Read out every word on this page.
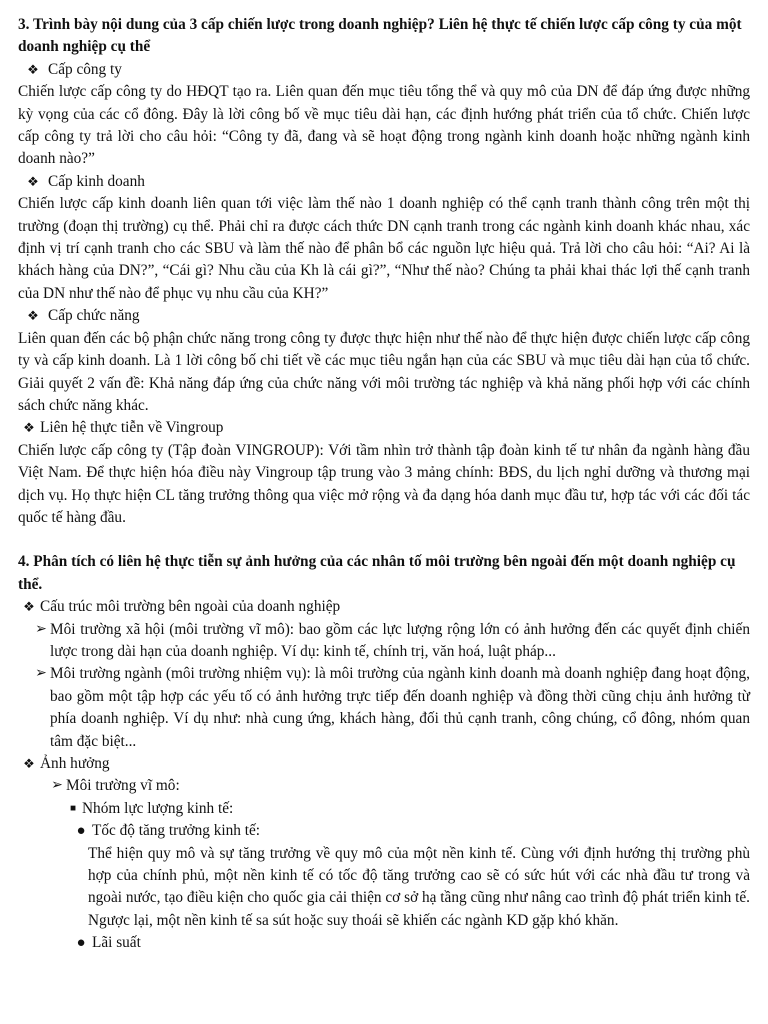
3. Trình bày nội dung của 3 cấp chiến lược trong doanh nghiệp? Liên hệ thực tế chiến lược cấp công ty của một doanh nghiệp cụ thể

❖ Cấp công ty

Chiến lược cấp công ty do HĐQT tạo ra. Liên quan đến mục tiêu tổng thể và quy mô của DN để đáp ứng được những kỳ vọng của các cổ đông. Đây là lời công bố về mục tiêu dài hạn, các định hướng phát triển của tổ chức. Chiến lược cấp công ty trả lời cho câu hỏi: “Công ty đã, đang và sẽ hoạt động trong ngành kinh doanh hoặc những ngành kinh doanh nào?”

❖ Cấp kinh doanh

Chiến lược cấp kinh doanh liên quan tới việc làm thế nào 1 doanh nghiệp có thể cạnh tranh thành công trên một thị trường (đoạn thị trường) cụ thể. Phải chỉ ra được cách thức DN cạnh tranh trong các ngành kinh doanh khác nhau, xác định vị trí cạnh tranh cho các SBU và làm thế nào để phân bổ các nguồn lực hiệu quả. Trả lời cho câu hỏi: “Ai? Ai là khách hàng của DN?”, “Cái gì? Nhu cầu của Kh là cái gì?”, “Như thế nào? Chúng ta phải khai thác lợi thế cạnh tranh của DN như thế nào để phục vụ nhu cầu của KH?”

❖ Cấp chức năng

Liên quan đến các bộ phận chức năng trong công ty được thực hiện như thế nào để thực hiện được chiến lược cấp công ty và cấp kinh doanh. Là 1 lời công bố chi tiết về các mục tiêu ngắn hạn của các SBU và mục tiêu dài hạn của tổ chức. Giải quyết 2 vấn đề: Khả năng đáp ứng của chức năng với môi trường tác nghiệp và khả năng phối hợp với các chính sách chức năng khác.

❖ Liên hệ thực tiễn về Vingroup

Chiến lược cấp công ty (Tập đoàn VINGROUP): Với tầm nhìn trở thành tập đoàn kinh tế tư nhân đa ngành hàng đầu Việt Nam. Để thực hiện hóa điều này Vingroup tập trung vào 3 mảng chính: BĐS, du lịch nghỉ dưỡng và thương mại dịch vụ. Họ thực hiện CL tăng trưởng thông qua việc mở rộng và đa dạng hóa danh mục đầu tư, hợp tác với các đối tác quốc tế hàng đầu.

4. Phân tích có liên hệ thực tiễn sự ảnh hưởng của các nhân tố môi trường bên ngoài đến một doanh nghiệp cụ thể.

❖ Cấu trúc môi trường bên ngoài của doanh nghiệp
➢ Môi trường xã hội (môi trường vĩ mô): bao gồm các lực lượng rộng lớn có ảnh hưởng đến các quyết định chiến lược trong dài hạn của doanh nghiệp. Ví dụ: kinh tế, chính trị, văn hoá, luật pháp...
➢ Môi trường ngành (môi trường nhiệm vụ): là môi trường của ngành kinh doanh mà doanh nghiệp đang hoạt động, bao gồm một tập hợp các yếu tố có ảnh hưởng trực tiếp đến doanh nghiệp và đồng thời cũng chịu ảnh hưởng từ phía doanh nghiệp. Ví dụ như: nhà cung ứng, khách hàng, đối thủ cạnh tranh, công chúng, cổ đông, nhóm quan tâm đặc biệt...
❖ Ảnh hưởng
➢ Môi trường vĩ mô:
■ Nhóm lực lượng kinh tế:
● Tốc độ tăng trưởng kinh tế:

Thể hiện quy mô và sự tăng trưởng về quy mô của một nền kinh tế. Cùng với định hướng thị trường phù hợp của chính phủ, một nền kinh tế có tốc độ tăng trưởng cao sẽ có sức hút với các nhà đầu tư trong và ngoài nước, tạo điều kiện cho quốc gia cải thiện cơ sở hạ tầng cũng như nâng cao trình độ phát triển kinh tế. Ngược lại, một nền kinh tế sa sút hoặc suy thoái sẽ khiến các ngành KD gặp khó khăn.

● Lãi suất
